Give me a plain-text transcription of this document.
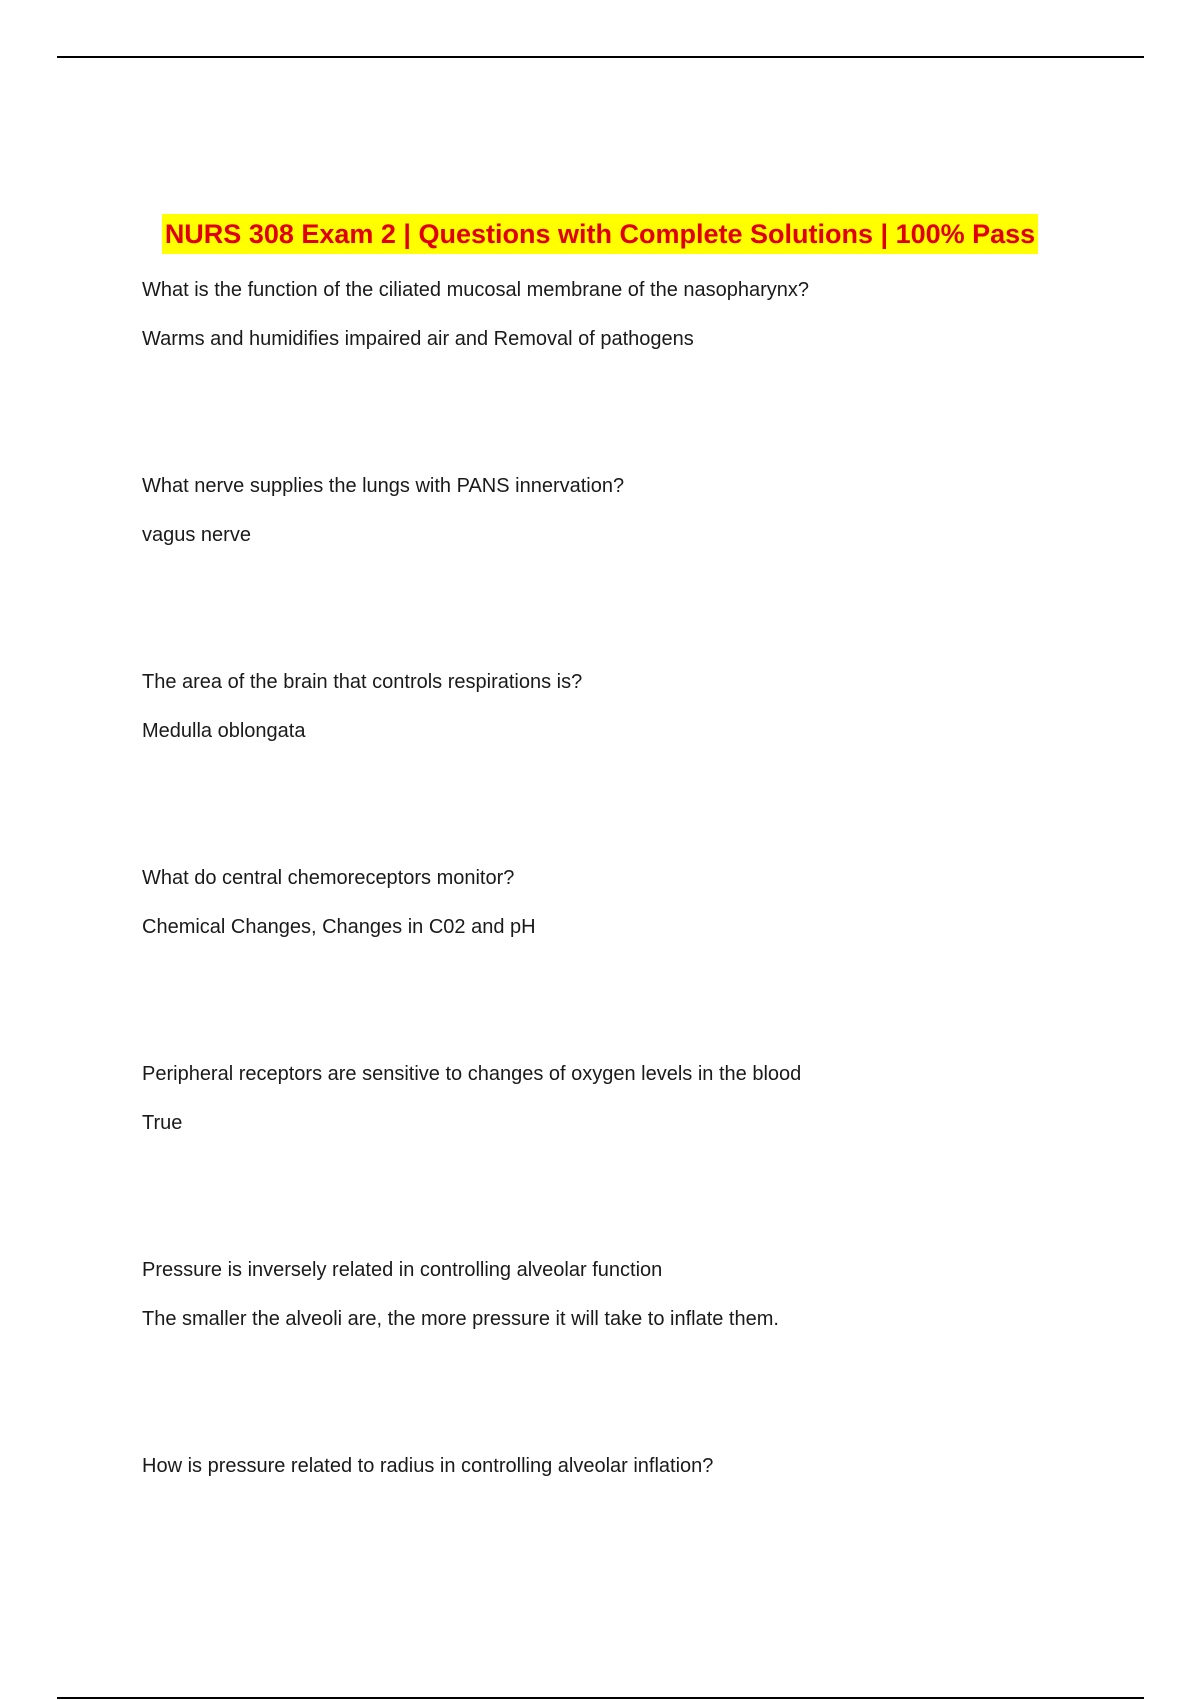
NURS 308 Exam 2 | Questions with Complete Solutions | 100% Pass

What is the function of the ciliated mucosal membrane of the nasopharynx?

Warms and humidifies impaired air and Removal of pathogens

What nerve supplies the lungs with PANS innervation?

vagus nerve

The area of the brain that controls respirations is?

Medulla oblongata

What do central chemoreceptors monitor?

Chemical Changes, Changes in C02 and pH

Peripheral receptors are sensitive to changes of oxygen levels in the blood

True

Pressure is inversely related in controlling alveolar function

The smaller the alveoli are, the more pressure it will take to inflate them.

How is pressure related to radius in controlling alveolar inflation?
